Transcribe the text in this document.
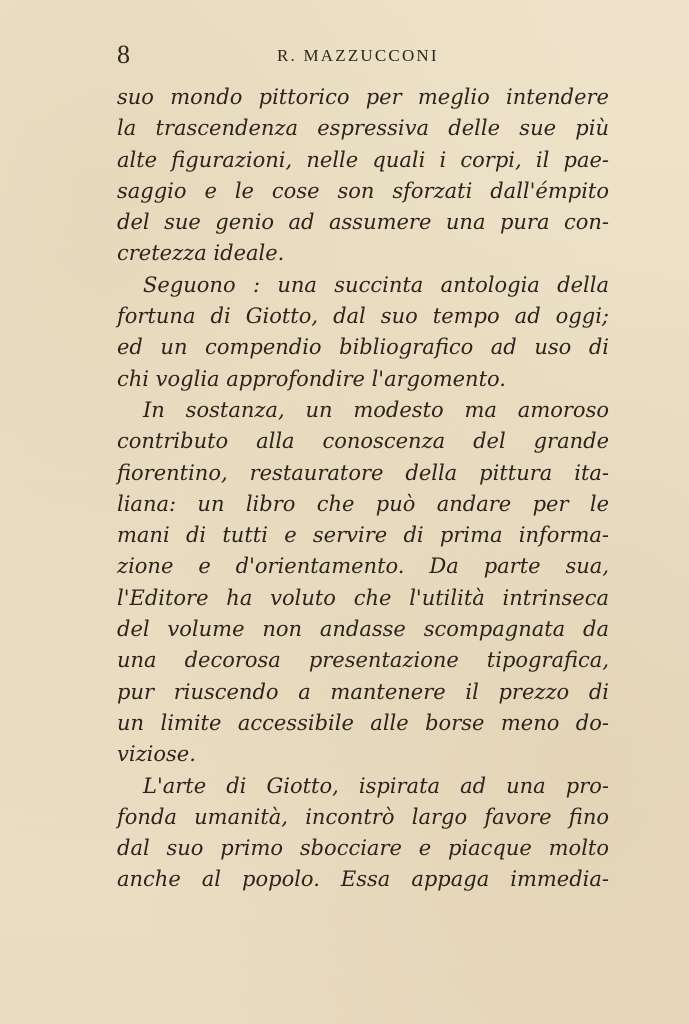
8	R. MAZZUCCONI
suo mondo pittorico per meglio intendere
la trascendenza espressiva delle sue più
alte figurazioni, nelle quali i corpi, il pae-
saggio e le cose son sforzati dall'émpito
del sue genio ad assumere una pura con-
cretezza ideale.
Seguono : una succinta antologia della
fortuna di Giotto, dal suo tempo ad oggi;
ed un compendio bibliografico ad uso di
chi voglia approfondire l'argomento.
In sostanza, un modesto ma amoroso
contributo alla conoscenza del grande
fiorentino, restauratore della pittura ita-
liana: un libro che può andare per le
mani di tutti e servire di prima informa-
zione e d'orientamento. Da parte sua,
l'Editore ha voluto che l'utilità intrinseca
del volume non andasse scompagnata da
una decorosa presentazione tipografica,
pur riuscendo a mantenere il prezzo di
un limite accessibile alle borse meno do-
viziose.
L'arte di Giotto, ispirata ad una pro-
fonda umanità, incontrò largo favore fino
dal suo primo sbocciare e piacque molto
anche al popolo. Essa appaga immedia-
